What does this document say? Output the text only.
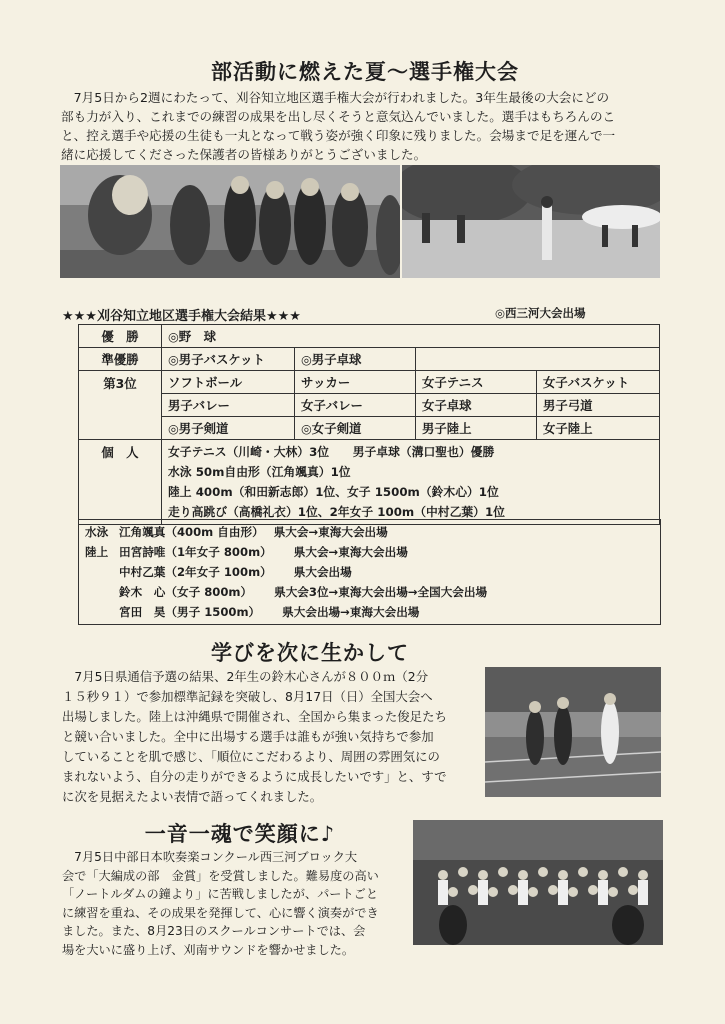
部活動に燃えた夏～選手権大会
　7月5日から2週にわたって、刈谷知立地区選手権大会が行われました。3年生最後の大会にどの
部も力が入り、これまでの練習の成果を出し尽くそうと意気込んでいました。選手はもちろんのこ
と、控え選手や応援の生徒も一丸となって戦う姿が強く印象に残りました。会場まで足を運んで一
緒に応援してくださった保護者の皆様ありがとうございました。
★★★刈谷知立地区選手権大会結果★★★	◎西三河大会出場
優　勝	◎野　球			
準優勝	◎男子バスケット	◎男子卓球		
第3位	ソフトボール	サッカー	女子テニス	女子バスケット
	男子バレー	女子バレー	女子卓球	男子弓道
	◎男子剣道	◎女子剣道	男子陸上	女子陸上
個　人	女子テニス（川崎・大林）3位　　男子卓球（溝口聖也）優勝
水泳 50m自由形（江角颯真）1位
陸上 400m（和田新志郎）1位、女子 1500m（鈴木心）1位
走り高跳び（高橋礼衣）1位、2年女子 100m（中村乙葉）1位			
水泳 江角颯真（400m 自由形） 県大会→東海大会出場
陸上 田宮詩唯（1年女子 800m） 県大会→東海大会出場
中村乙葉（2年女子 100m） 県大会出場
鈴木　心（女子 800m） 県大会3位→東海大会出場→全国大会出場
宮田　昊（男子 1500m） 県大会出場→東海大会出場
学びを次に生かして
　7月5日県通信予選の結果、2年生の鈴木心さんが８００ｍ（2分
１５秒９１）で参加標準記録を突破し、8月17日（日）全国大会へ
出場しました。陸上は沖縄県で開催され、全国から集まった俊足たち
と競い合いました。全中に出場する選手は誰もが強い気持ちで参加
していることを肌で感じ、「順位にこだわるより、周囲の雰囲気にの
まれないよう、自分の走りができるように成長したいです」と、すで
に次を見据えたよい表情で語ってくれました。
一音一魂で笑顔に♪
　7月5日中部日本吹奏楽コンクール西三河ブロック大
会で「大編成の部　金賞」を受賞しました。難易度の高い
「ノートルダムの鐘より」に苦戦しましたが、パートごと
に練習を重ね、その成果を発揮して、心に響く演奏ができ
ました。また、8月23日のスクールコンサートでは、会
場を大いに盛り上げ、刈南サウンドを響かせました。
